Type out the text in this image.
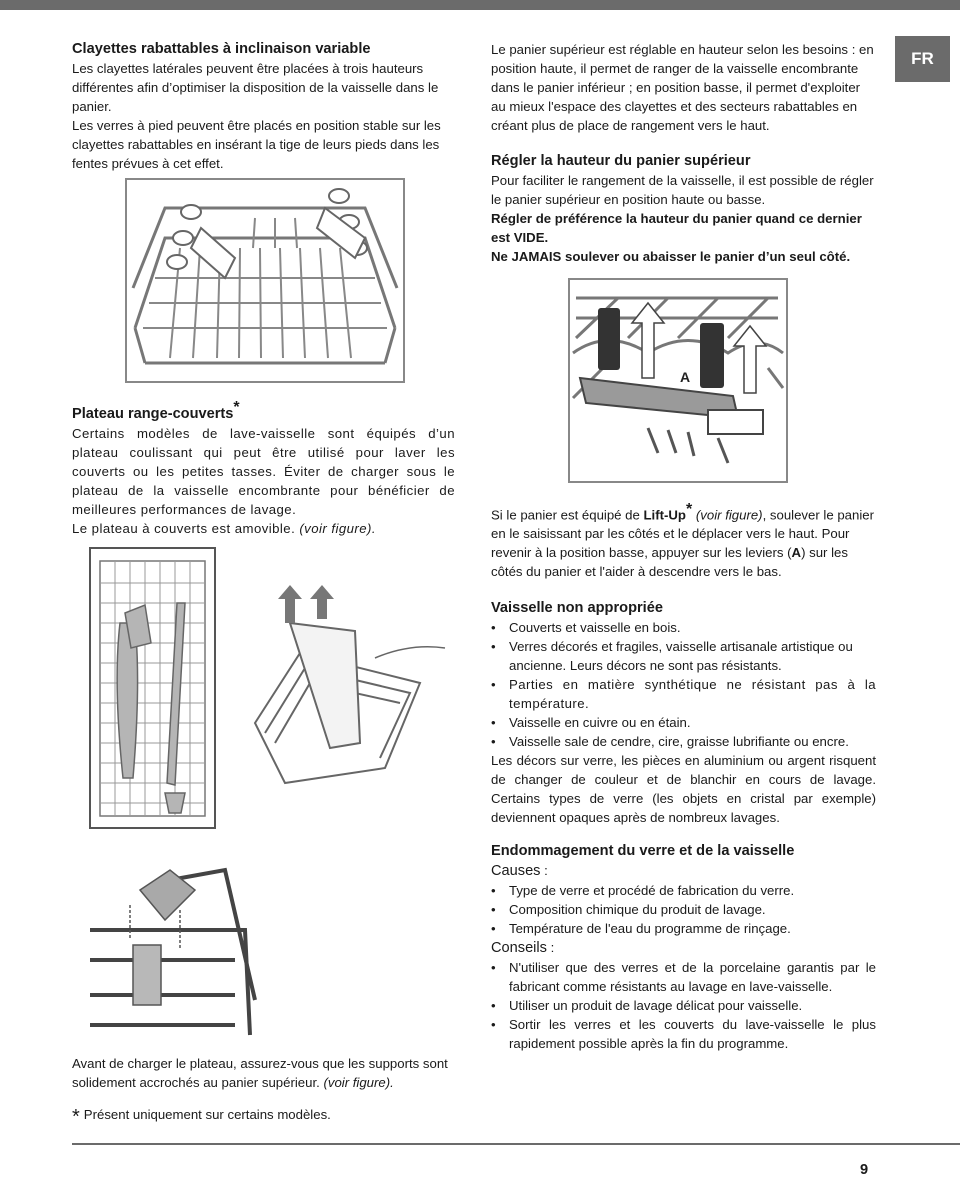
FR
Clayettes rabattables à inclinaison variable

Les clayettes latérales peuvent être placées à trois hauteurs différentes afin d’optimiser la disposition de la vaisselle dans le panier.

Les verres à pied peuvent être placés en position stable sur les clayettes rabattables en insérant la tige de leurs pieds dans les fentes prévues à cet effet.

Plateau range-couverts*

Certains modèles de lave-vaisselle sont équipés d’un plateau coulissant qui peut être utilisé pour laver les couverts ou les petites tasses. Éviter de charger sous le plateau de la vaisselle encombrante pour bénéficier de meilleures performances de lavage.

Le plateau à couverts est amovible. (voir figure).

Avant de charger le plateau, assurez-vous que les supports sont solidement accrochés au panier supérieur. (voir figure).

* Présent uniquement sur certains modèles.

Le panier supérieur est réglable en hauteur selon les besoins : en position haute, il permet de ranger de la vaisselle encombrante dans le panier inférieur ; en position basse, il permet d'exploiter au mieux l'espace des clayettes et des secteurs rabattables en créant plus de place de rangement vers le haut.

Régler la hauteur du panier supérieur

Pour faciliter le rangement de la vaisselle, il est possible de régler le panier supérieur en position haute ou basse.

Régler de préférence la hauteur du panier quand ce dernier est VIDE.

Ne JAMAIS soulever ou abaisser le panier d’un seul côté.

A

Si le panier est équipé de Lift-Up* (voir figure), soulever le panier en le saisissant par les côtés et le déplacer vers le haut. Pour revenir à la position basse, appuyer sur les leviers (A) sur les côtés du panier et l'aider à descendre vers le bas.

Vaisselle non appropriée
• Couverts et vaisselle en bois.
• Verres décorés et fragiles, vaisselle artisanale artistique ou ancienne. Leurs décors ne sont pas résistants.
• Parties en matière synthétique ne résistant pas à la température.
• Vaisselle en cuivre ou en étain.
• Vaisselle sale de cendre, cire, graisse lubrifiante ou encre.

Les décors sur verre, les pièces en aluminium ou argent risquent de changer de couleur et de blanchir en cours de lavage. Certains types de verre (les objets en cristal par exemple) deviennent opaques après de nombreux lavages.

Endommagement du verre et de la vaisselle

Causes :

• Type de verre et procédé de fabrication du verre.
• Composition chimique du produit de lavage.
• Température de l'eau du programme de rinçage.

Conseils :

• N'utiliser que des verres et de la porcelaine garantis par le fabricant comme résistants au lavage en lave-vaisselle.
• Utiliser un produit de lavage délicat pour vaisselle.
• Sortir les verres et les couverts du lave-vaisselle le plus rapidement possible après la fin du programme.
9
